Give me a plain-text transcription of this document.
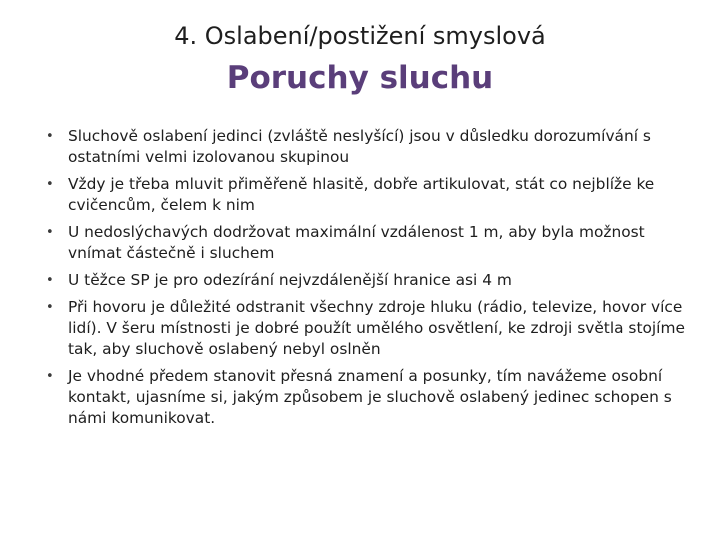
4. Oslabení/postižení smyslová
Poruchy sluchu
• Sluchově oslabení jedinci (zvláště neslyšící) jsou v důsledku dorozumívání s ostatními velmi izolovanou skupinou
• Vždy je třeba mluvit přiměřeně hlasitě, dobře artikulovat, stát co nejblíže ke cvičencům, čelem k nim
• U nedoslýchavých dodržovat maximální vzdálenost 1 m, aby byla možnost vnímat částečně i sluchem
• U těžce SP je pro odezírání nejvzdálenější hranice asi 4 m
• Při hovoru je důležité odstranit všechny zdroje hluku (rádio, televize, hovor více lidí). V šeru místnosti je dobré použít umělého osvětlení, ke zdroji světla stojíme tak, aby sluchově oslabený nebyl oslněn
• Je vhodné předem stanovit přesná znamení a posunky, tím navážeme osobní kontakt, ujasníme si, jakým způsobem je sluchově oslabený jedinec schopen s námi komunikovat.
